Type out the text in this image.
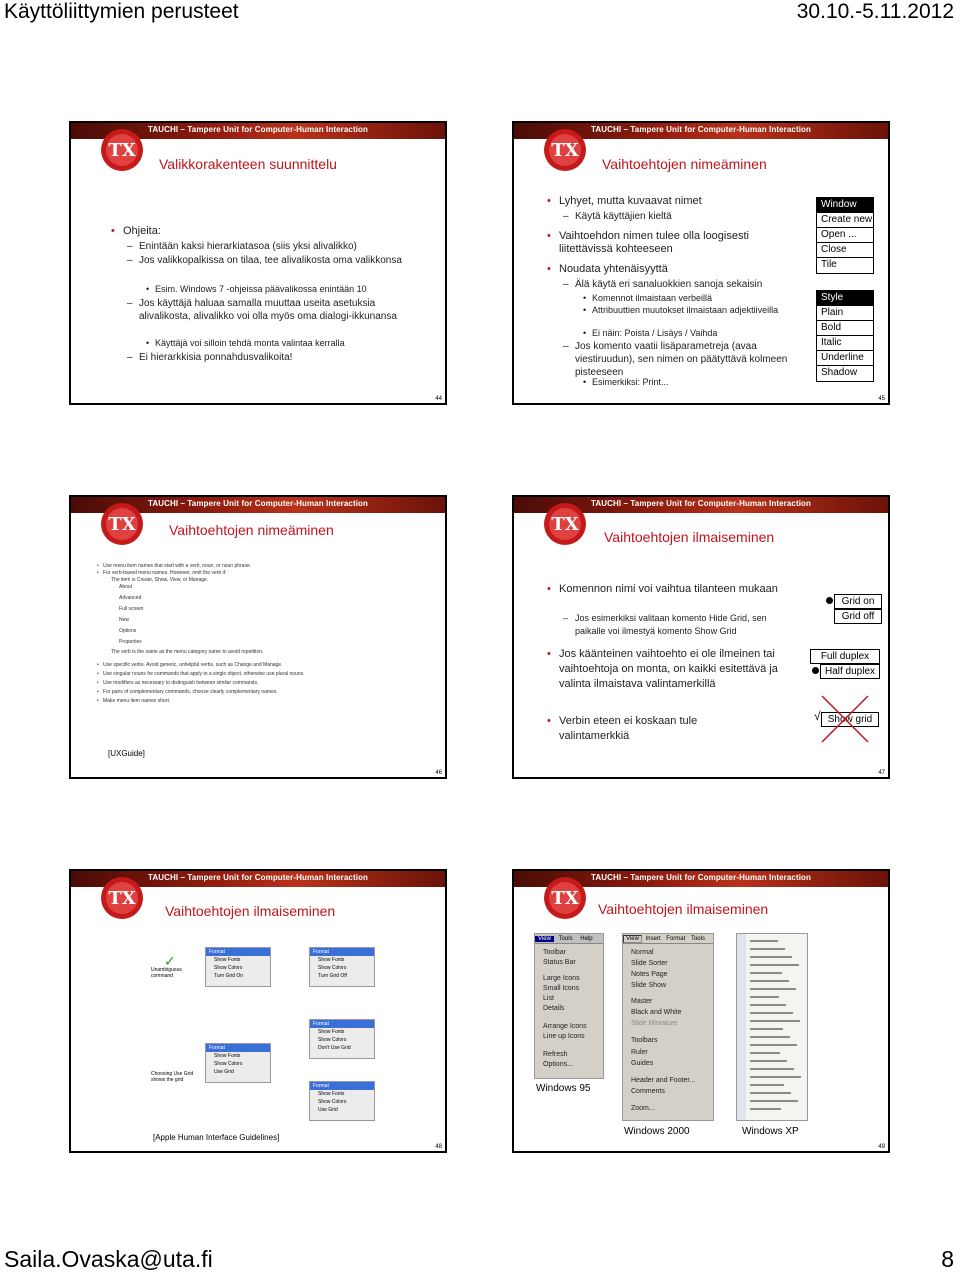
Käyttöliittymien perusteet	30.10.-5.11.2012
Saila.Ovaska@uta.fi	8
TAUCHI – Tampere Unit for Computer-Human Interaction
TX
Valikkorakenteen suunnittelu
• Ohjeita:
– Enintään kaksi hierarkiatasoa (siis yksi alivalikko)
– Jos valikkopalkissa on tilaa, tee alivalikosta oma valikkonsa
• Esim. Windows 7 -ohjeissa päävalikossa enintään 10
– Jos käyttäjä haluaa samalla muuttaa useita asetuksia alivalikosta, alivalikko voi olla myös oma dialogi-ikkunansa
• Käyttäjä voi silloin tehdä monta valintaa kerralla
– Ei hierarkkisia ponnahdusvalikoita!
44
TAUCHI – Tampere Unit for Computer-Human Interaction
TX
Vaihtoehtojen nimeäminen
• Lyhyet, mutta kuvaavat nimet
– Käytä käyttäjien kieltä
• Vaihtoehdon nimen tulee olla loogisesti liitettävissä kohteeseen
• Noudata yhtenäisyyttä
– Älä käytä eri sanaluokkien sanoja sekaisin
• Komennot ilmaistaan verbeillä
• Attribuuttien muutokset ilmaistaan adjektiiveilla
• Ei näin: Poista / Lisäys / Vaihda
– Jos komento vaatii lisäparametreja (avaa viestiruudun), sen nimen on päätyttävä kolmeen pisteeseen
• Esimerkiksi: Print...
Window
Create new
Open ...
Close
Tile
Style
Plain
Bold
Italic
Underline
Shadow
45
TAUCHI – Tampere Unit for Computer-Human Interaction
TX Vaihtoehtojen nimeäminen
• Use menu item names that start with a verb, noun, or noun phrase.
• For verb-based menu names. However, omit the verb if:
The item is Create, Show, View, or Manage.
About
Advanced
Full screen
New
Options
Properties
The verb is the same as the menu category name to avoid repetition.
• Use specific verbs. Avoid generic, unhelpful verbs, such as Change and Manage.
• Use singular nouns for commands that apply to a single object, otherwise use plural nouns.
• Use modifiers as necessary to distinguish between similar commands.
• For pairs of complementary commands, choose clearly complementary names.
• Make menu item names short.
[UXGuide]
46
TAUCHI – Tampere Unit for Computer-Human Interaction
TX
Vaihtoehtojen ilmaiseminen
• Komennon nimi voi vaihtua tilanteen mukaan
– Jos esimerkiksi valitaan komento Hide Grid, sen paikalle voi ilmestyä komento Show Grid
• Jos käänteinen vaihtoehto ei ole ilmeinen tai vaihtoehtoja on monta, on kaikki esitettävä ja valinta ilmaistava valintamerkillä
• Verbin eteen ei koskaan tule valintamerkkiä
Grid on
Grid off
Full duplex
Half duplex
√ Show grid
47
TAUCHI – Tampere Unit for Computer-Human Interaction
TX
Vaihtoehtojen ilmaiseminen
Unambiguous command
Choosing Use Grid shows the grid
✓
Format
Show Fonts
Show Colors
Turn Grid On
Format
Show Fonts
Show Colors
Turn Grid Off
Format
Show Fonts
Show Colors
Don't Use Grid
Format
Show Fonts
Show Colors
Use Grid
Format
Show Fonts
Show Colors
Use Grid
[Apple Human Interface Guidelines]
48
TAUCHI – Tampere Unit for Computer-Human Interaction
TX Vaihtoehtojen ilmaiseminen
View Tools Help
Toolbar
Status Bar
Large Icons
Small Icons
List
Details
Arrange Icons
Line up Icons
Refresh
Options...
Windows 95
View Insert Format Tools
Normal
Slide Sorter
Notes Page
Slide Show
Master
Black and White
Slide Miniature
Toolbars
Ruler
Guides
Header and Footer...
Comments
Zoom...
Windows 2000	Windows XP
49
